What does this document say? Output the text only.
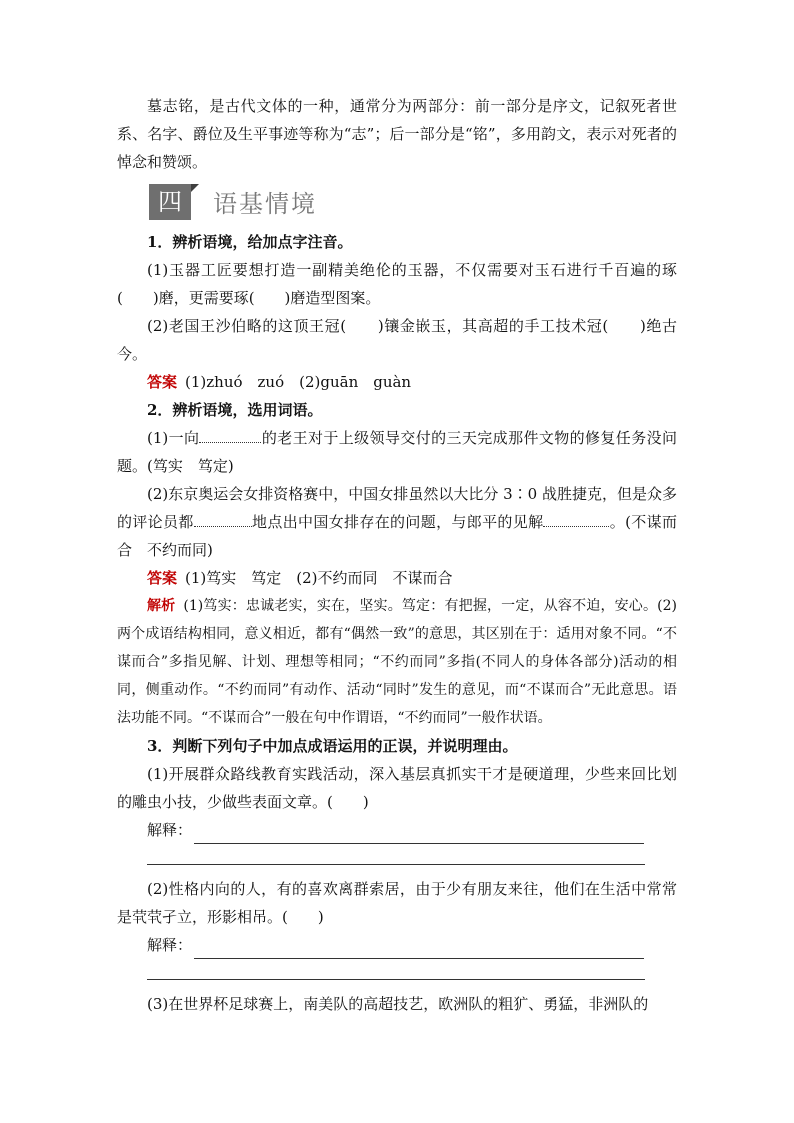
墓志铭，是古代文体的一种，通常分为两部分：前一部分是序文，记叙死者世系、名字、爵位及生平事迹等称为“志”；后一部分是“铭”，多用韵文，表示对死者的悼念和赞颂。

四	语基情境

1．辨析语境，给加点字注音。

(1)玉器工匠要想打造一副精美绝伦的玉器，不仅需要对玉石进行千百遍的琢(　　)磨，更需要琢(　　)磨造型图案。

(2)老国王沙伯略的这顶王冠(　　)镶金嵌玉，其高超的手工技术冠(　　)绝古今。

答案 (1)zhuó　zuó　(2)guān　guàn

2．辨析语境，选用词语。

(1)一向	的老王对于上级领导交付的三天完成那件文物的修复任务没问题。(笃实　笃定)

(2)东京奥运会女排资格赛中，中国女排虽然以大比分 3∶0 战胜捷克，但是众多的评论员都	地点出中国女排存在的问题，与郎平的见解	。(不谋而合　不约而同)

答案 (1)笃实　笃定　(2)不约而同　不谋而合

解析 (1)笃实：忠诚老实，实在，坚实。笃定：有把握，一定，从容不迫，安心。(2)两个成语结构相同，意义相近，都有“偶然一致”的意思，其区别在于：适用对象不同。“不谋而合”多指见解、计划、理想等相同；“不约而同”多指(不同人的身体各部分)活动的相同，侧重动作。“不约而同”有动作、活动“同时”发生的意见，而“不谋而合”无此意思。语法功能不同。“不谋而合”一般在句中作谓语，“不约而同”一般作状语。

3．判断下列句子中加点成语运用的正误，并说明理由。

(1)开展群众路线教育实践活动，深入基层真抓实干才是硬道理，少些来回比划的雕虫小技，少做些表面文章。(　　)

解释：

(2)性格内向的人，有的喜欢离群索居，由于少有朋友来往，他们在生活中常常是茕茕孑立，形影相吊。(　　)

解释：

(3)在世界杯足球赛上，南美队的高超技艺，欧洲队的粗犷、勇猛，非洲队的
